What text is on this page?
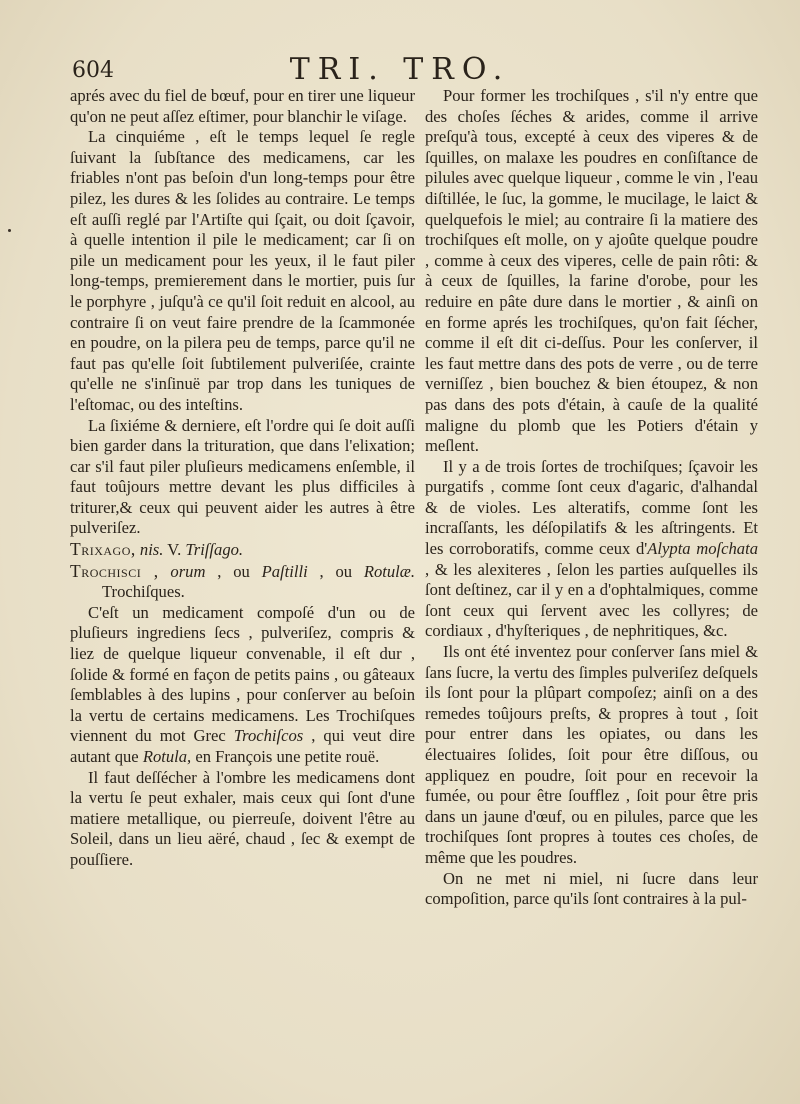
604	TRI. TRO.

aprés avec du fiel de bœuf, pour en tirer une liqueur qu'on ne peut aſſez eſtimer, pour blanchir le viſage.

La cinquiéme , eſt le temps lequel ſe regle ſuivant la ſubſtance des medicamens, car les friables n'ont pas beſoin d'un long-temps pour être pilez, les dures & les ſolides au contraire. Le temps eſt auſſi reglé par l'Artiſte qui ſçait, ou doit ſçavoir, à quelle intention il pile le medicament; car ſi on pile un medicament pour les yeux, il le faut piler long-temps, premierement dans le mortier, puis ſur le porphyre , juſqu'à ce qu'il ſoit reduit en alcool, au contraire ſi on veut faire prendre de la ſcammonée en poudre, on la pilera peu de temps, parce qu'il ne faut pas qu'elle ſoit ſubtilement pulveriſée, crainte qu'elle ne s'inſinuë par trop dans les tuniques de l'eſtomac, ou des inteſtins.

La ſixiéme & derniere, eſt l'ordre qui ſe doit auſſi bien garder dans la trituration, que dans l'elixation; car s'il faut piler pluſieurs medicamens enſemble, il faut toûjours mettre devant les plus difficiles à triturer,& ceux qui peuvent aider les autres à être pulveriſez.

Trixago, nis. V. Triſſago.

Trochisci , orum , ou Paſtilli , ou Rotulæ. Trochiſques.

C'eſt un medicament compoſé d'un ou de pluſieurs ingrediens ſecs , pulveriſez, compris & liez de quelque liqueur convenable, il eſt dur , ſolide & formé en façon de petits pains , ou gâteaux ſemblables à des lupins , pour conſerver au beſoin la vertu de certains medicamens. Les Trochiſques viennent du mot Grec Trochiſcos , qui veut dire autant que Rotula, en François une petite rouë.

Il faut deſſécher à l'ombre les medicamens dont la vertu ſe peut exhaler, mais ceux qui ſont d'une matiere metallique, ou pierreuſe, doivent l'être au Soleil, dans un lieu aëré, chaud , ſec & exempt de pouſſiere.

Pour former les trochiſques , s'il n'y entre que des choſes ſéches & arides, comme il arrive preſqu'à tous, excepté à ceux des viperes & de ſquilles, on malaxe les poudres en conſiſtance de pilules avec quelque liqueur , comme le vin , l'eau diſtillée, le ſuc, la gomme, le mucilage, le laict & quelquefois le miel; au contraire ſi la matiere des trochiſques eſt molle, on y ajoûte quelque poudre , comme à ceux des viperes, celle de pain rôti: & à ceux de ſquilles, la farine d'orobe, pour les reduire en pâte dure dans le mortier , & ainſi on en forme aprés les trochiſques, qu'on fait ſécher, comme il eſt dit ci-deſſus. Pour les conſerver, il les faut mettre dans des pots de verre , ou de terre verniſſez , bien bouchez & bien étoupez, & non pas dans des pots d'étain, à cauſe de la qualité maligne du plomb que les Potiers d'étain y meſlent.

Il y a de trois ſortes de trochiſques; ſçavoir les purgatifs , comme ſont ceux d'agaric, d'alhandal & de violes. Les alteratifs, comme ſont les incraſſants, les déſopilatifs & les aſtringents. Et les corroboratifs, comme ceux d'Alypta moſchata , & les alexiteres , ſelon les parties auſquelles ils ſont deſtinez, car il y en a d'ophtalmiques, comme ſont ceux qui ſervent avec les collyres; de cordiaux , d'hyſteriques , de nephritiques, &c.

Ils ont été inventez pour conſerver ſans miel & ſans ſucre, la vertu des ſimples pulveriſez deſquels ils ſont pour la plûpart compoſez; ainſi on a des remedes toûjours preſts, & propres à tout , ſoit pour entrer dans les opiates, ou dans les électuaires ſolides, ſoit pour être diſſous, ou appliquez en poudre, ſoit pour en recevoir la fumée, ou pour être ſoufflez , ſoit pour être pris dans un jaune d'œuf, ou en pilules, parce que les trochiſques ſont propres à toutes ces choſes, de même que les poudres.

On ne met ni miel, ni ſucre dans leur compoſition, parce qu'ils ſont contraires à la pul-
